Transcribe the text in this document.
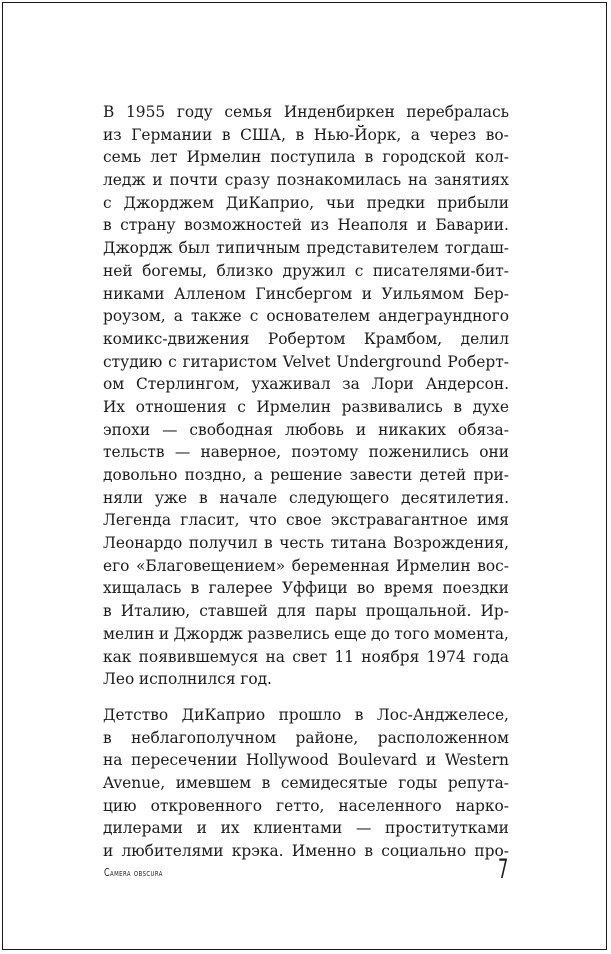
В 1955 году семья Инденбиркен перебралась
из Германии в США, в Нью-Йорк, а через во-
семь лет Ирмелин поступила в городской кол-
ледж и почти сразу познакомилась на занятиях
с Джорджем ДиКаприо, чьи предки прибыли
в страну возможностей из Неаполя и Баварии.
Джордж был типичным представителем тогдаш-
ней богемы, близко дружил с писателями-бит-
никами Алленом Гинсбергом и Уильямом Бер-
роузом, а также с основателем андеграундного
комикс-движения Робертом Крамбом, делил
студию с гитаристом Velvet Underground Роберт-
ом Стерлингом, ухаживал за Лори Андерсон.
Их отношения с Ирмелин развивались в духе
эпохи — свободная любовь и никаких обяза-
тельств — наверное, поэтому поженились они
довольно поздно, а решение завести детей при-
няли уже в начале следующего десятилетия.
Легенда гласит, что свое экстравагантное имя
Леонардо получил в честь титана Возрождения,
его «Благовещением» беременная Ирмелин вос-
хищалась в галерее Уффици во время поездки
в Италию, ставшей для пары прощальной. Ир-
мелин и Джордж развелись еще до того момента,
как появившемуся на свет 11 ноября 1974 года
Лео исполнился год.
Детство ДиКаприо прошло в Лос-Анджелесе,
в неблагополучном районе, расположенном
на пересечении Hollywood Boulevard и Western
Avenue, имевшем в семидесятые годы репута-
цию откровенного гетто, населенного нарко-
дилерами и их клиентами — проститутками
и любителями крэка. Именно в социально про-
Camera obscura	7
